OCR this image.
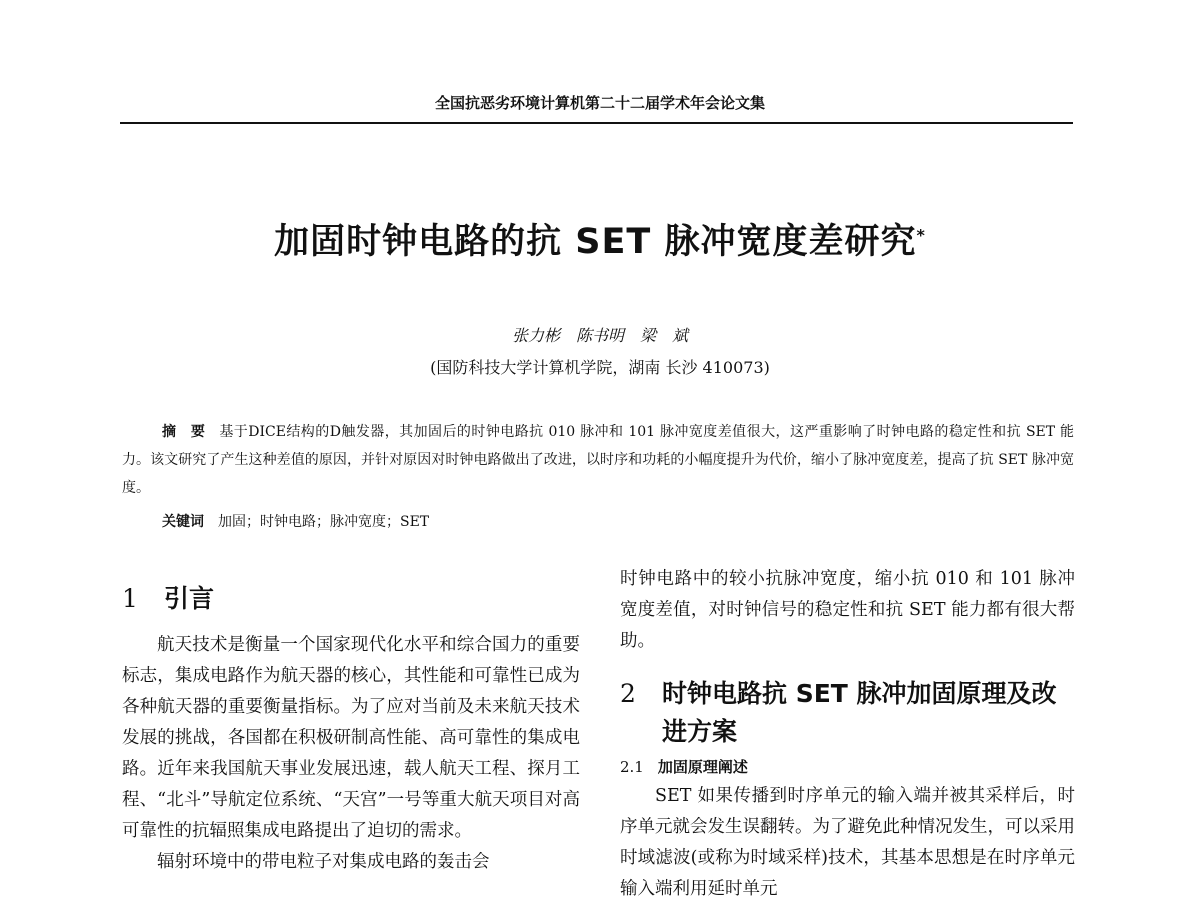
全国抗恶劣环境计算机第二十二届学术年会论文集
加固时钟电路的抗 SET 脉冲宽度差研究*
张力彬　陈书明　梁　斌
(国防科技大学计算机学院，湖南 长沙 410073)
摘　要 基于DICE结构的D触发器，其加固后的时钟电路抗 010 脉冲和 101 脉冲宽度差值很大，这严重影响了时钟电路的稳定性和抗 SET 能力。该文研究了产生这种差值的原因，并针对原因对时钟电路做出了改进，以时序和功耗的小幅度提升为代价，缩小了脉冲宽度差，提高了抗 SET 脉冲宽度。
关键词 加固；时钟电路；脉冲宽度；SET
1	引言
航天技术是衡量一个国家现代化水平和综合国力的重要标志，集成电路作为航天器的核心，其性能和可靠性已成为各种航天器的重要衡量指标。为了应对当前及未来航天技术发展的挑战，各国都在积极研制高性能、高可靠性的集成电路。近年来我国航天事业发展迅速，载人航天工程、探月工程、“北斗”导航定位系统、“天宫”一号等重大航天项目对高可靠性的抗辐照集成电路提出了迫切的需求。
辐射环境中的带电粒子对集成电路的轰击会
时钟电路中的较小抗脉冲宽度，缩小抗 010 和 101 脉冲宽度差值，对时钟信号的稳定性和抗 SET 能力都有很大帮助。
2	时钟电路抗 SET 脉冲加固原理及改进方案
2.1 加固原理阐述
SET 如果传播到时序单元的输入端并被其采样后，时序单元就会发生误翻转。为了避免此种情况发生，可以采用时域滤波(或称为时域采样)技术，其基本思想是在时序单元输入端利用延时单元
